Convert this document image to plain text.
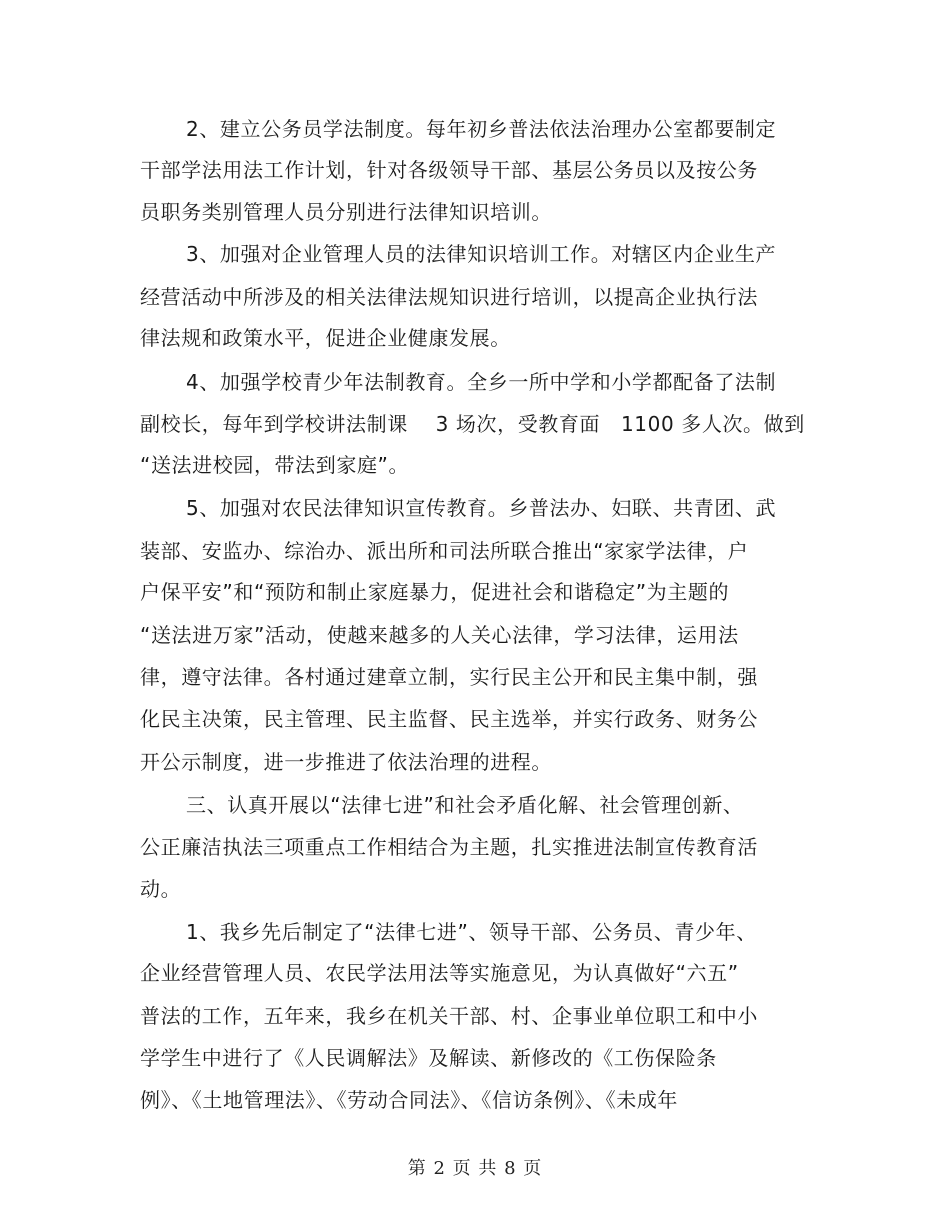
2、建立公务员学法制度。每年初乡普法依法治理办公室都要制定
干部学法用法工作计划，针对各级领导干部、基层公务员以及按公务
员职务类别管理人员分别进行法律知识培训。
3、加强对企业管理人员的法律知识培训工作。对辖区内企业生产
经营活动中所涉及的相关法律法规知识进行培训，以提高企业执行法
律法规和政策水平，促进企业健康发展。
4、加强学校青少年法制教育。全乡一所中学和小学都配备了法制
副校长，每年到学校讲法制课    3 场次，受教育面   1100 多人次。做到
“送法进校园，带法到家庭”。
5、加强对农民法律知识宣传教育。乡普法办、妇联、共青团、武
装部、安监办、综治办、派出所和司法所联合推出“家家学法律，户
户保平安”和“预防和制止家庭暴力，促进社会和谐稳定”为主题的
“送法进万家”活动，使越来越多的人关心法律，学习法律，运用法
律，遵守法律。各村通过建章立制，实行民主公开和民主集中制，强
化民主决策，民主管理、民主监督、民主选举，并实行政务、财务公
开公示制度，进一步推进了依法治理的进程。
三、认真开展以“法律七进”和社会矛盾化解、社会管理创新、
公正廉洁执法三项重点工作相结合为主题，扎实推进法制宣传教育活
动。
1、我乡先后制定了“法律七进”、领导干部、公务员、青少年、
企业经营管理人员、农民学法用法等实施意见，为认真做好“六五”
普法的工作，五年来，我乡在机关干部、村、企事业单位职工和中小
学学生中进行了《人民调解法》及解读、新修改的《工伤保险条
例》、《土地管理法》、《劳动合同法》、《信访条例》、《未成年
第 2 页 共 8 页
